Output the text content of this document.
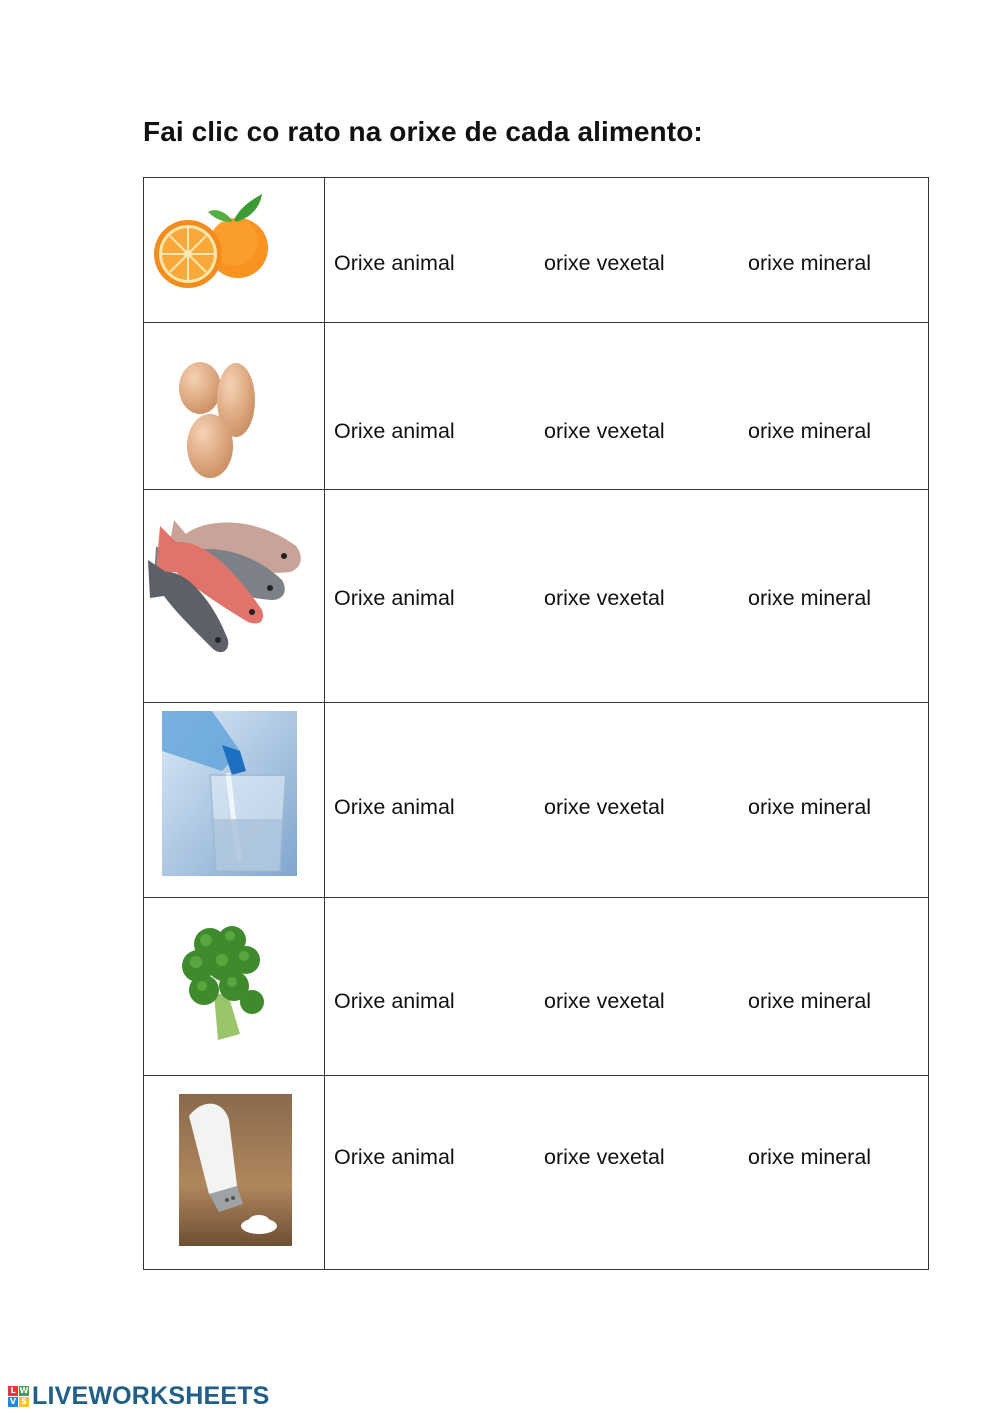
Fai clic co rato na orixe de cada alimento:

Orixe animal orixe vexetal orixe mineral

Orixe animal orixe vexetal orixe mineral

Orixe animal orixe vexetal orixe mineral

Orixe animal orixe vexetal orixe mineral

Orixe animal orixe vexetal orixe mineral

Orixe animal orixe vexetal orixe mineral
L W
V S LIVEWORKSHEETS
